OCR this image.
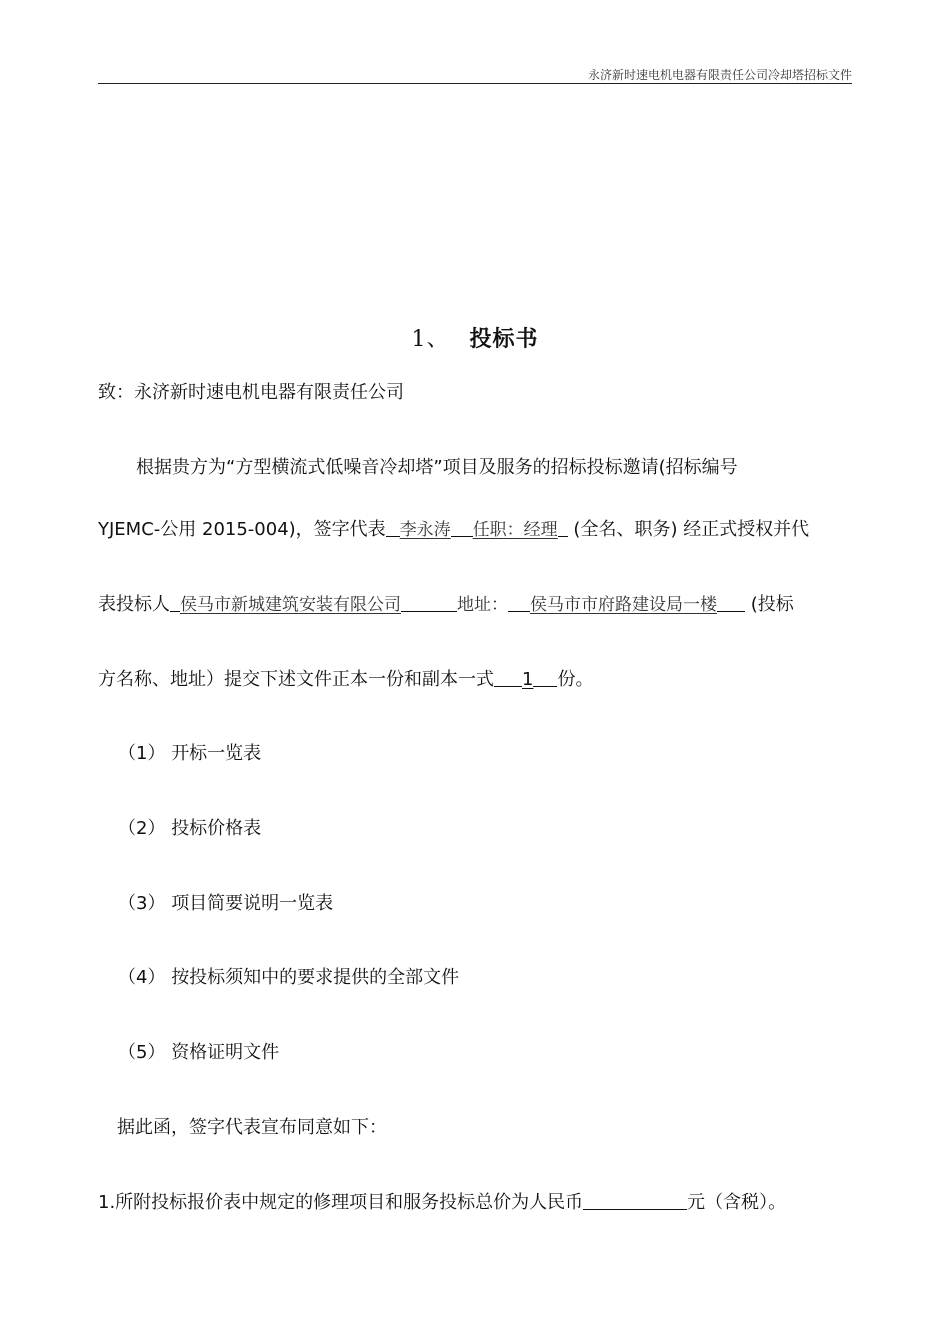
永济新时速电机电器有限责任公司冷却塔招标文件
1、 投标书
致：永济新时速电机电器有限责任公司
根据贵方为“方型横流式低噪音冷却塔”项目及服务的招标投标邀请(招标编号
YJEMC-公用 2015-004)，签字代表 李永涛 任职：经理 (全名、职务) 经正式授权并代
表投标人 侯马市新城建筑安装有限公司	地址： 侯马市市府路建设局一楼 (投标
方名称、地址）提交下述文件正本一份和副本一式 1 份。
（1） 开标一览表
（2） 投标价格表
（3） 项目简要说明一览表
（4） 按投标须知中的要求提供的全部文件
（5） 资格证明文件
据此函，签字代表宣布同意如下：
1.所附投标报价表中规定的修理项目和服务投标总价为人民币	元（含税）。
